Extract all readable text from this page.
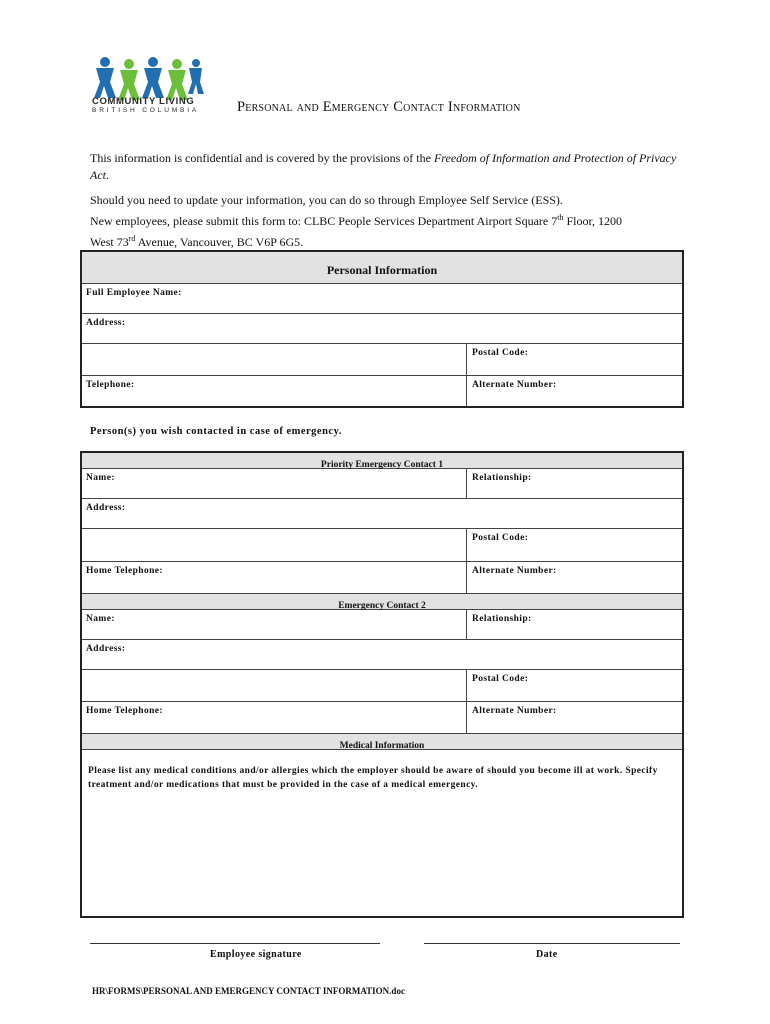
COMMUNITY LIVING
BRITISH COLUMBIA	Personal and Emergency Contact Information
This information is confidential and is covered by the provisions of the Freedom of Information and Protection of Privacy Act.
Should you need to update your information, you can do so through Employee Self Service (ESS).
New employees, please submit this form to: CLBC People Services Department Airport Square 7th Floor, 1200
West 73rd Avenue, Vancouver, BC V6P 6G5.
$_{Personal Information}$
Full Employee Name:
Address:
Postal Code:
Telephone:	Alternate Number:
Person(s) you wish contacted in case of emergency.
Priority Emergency Contact 1
Name:	Relationship:
Address:
Postal Code:
Home Telephone:	Alternate Number:
Emergency Contact 2
Name:	Relationship:
Address:
Postal Code:
Home Telephone:	Alternate Number:
Medical Information
Please list any medical conditions and/or allergies which the employer should be aware of should you become ill at work. Specify treatment and/or medications that must be provided in the case of a medical emergency.
Employee signature	Date
HR\FORMS\PERSONAL AND EMERGENCY CONTACT INFORMATION.doc
